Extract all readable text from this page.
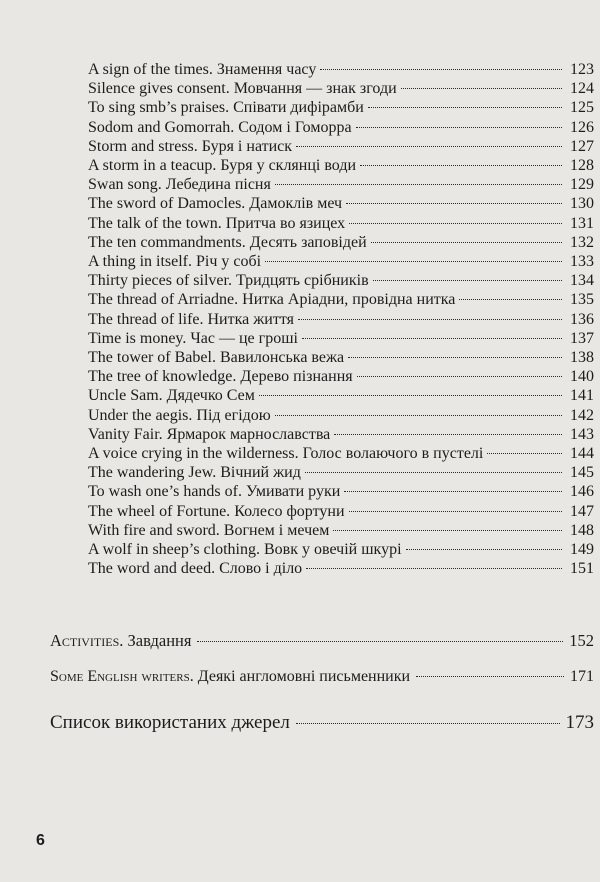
A sign of the times. Знамення часу	123
Silence gives consent. Мовчання — знак згоди	124
To sing smb’s praises. Співати дифірамби	125
Sodom and Gomorrah. Содом і Гоморра	126
Storm and stress. Буря і натиск	127
A storm in a teacup. Буря у склянці води	128
Swan song. Лебедина пісня	129
The sword of Damocles. Дамоклів меч	130
The talk of the town. Притча во язицех	131
The ten commandments. Десять заповідей	132
A thing in itself. Річ у собі	133
Thirty pieces of silver. Тридцять срібників	134
The thread of Arriadne. Нитка Аріадни, провідна нитка	135
The thread of life. Нитка життя	136
Time is money. Час — це гроші	137
The tower of Babel. Вавилонська вежа	138
The tree of knowledge. Дерево пізнання	140
Uncle Sam. Дядечко Сем	141
Under the aegis. Під егідою	142
Vanity Fair. Ярмарок марнославства	143
A voice crying in the wilderness. Голос волаючого в пустелі	144
The wandering Jew. Вічний жид	145
To wash one’s hands of. Умивати руки	146
The wheel of Fortune. Колесо фортуни	147
With fire and sword. Вогнем і мечем	148
A wolf in sheep’s clothing. Вовк у овечій шкурі	149
The word and deed. Слово і діло	151
Activities. Завдання	152
Some English writers. Деякі англомовні письменники	171
Список використаних джерел	173
6
